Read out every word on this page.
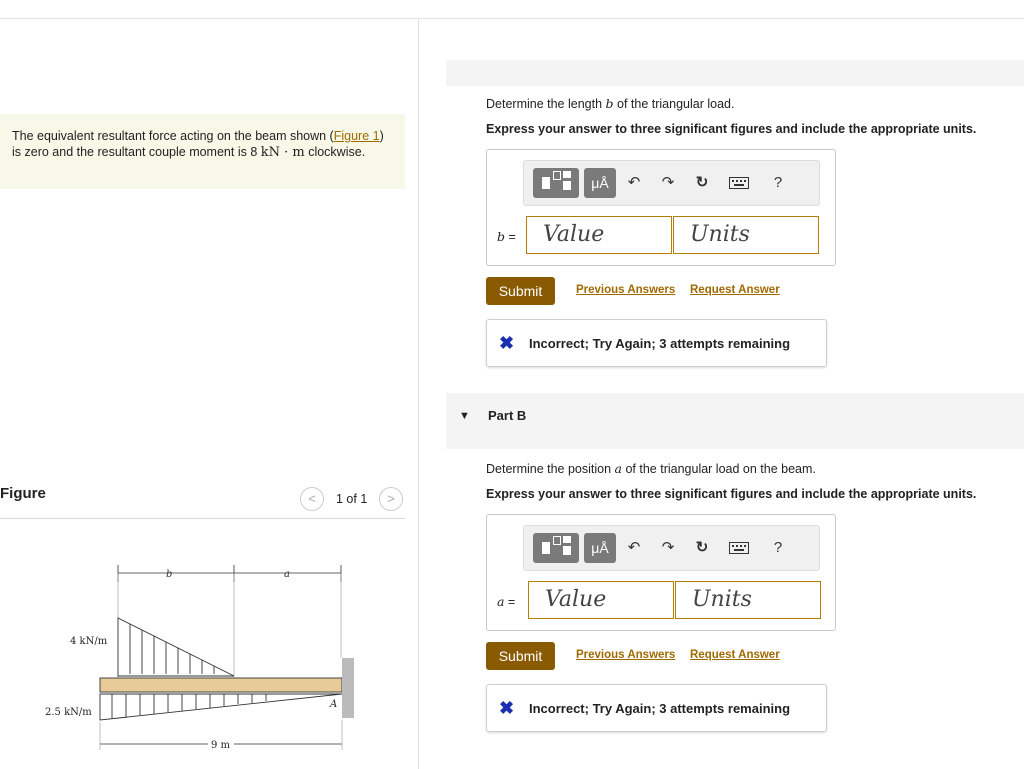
The equivalent resultant force acting on the beam shown (Figure 1) is zero and the resultant couple moment is 8 kN · m clockwise.

Figure	<	1 of 1	>
b	a
4 kN/m
2.5 kN/m
A
9 m
Determine the length b of the triangular load.
Express your answer to three significant figures and include the appropriate units.
μÅ	↶	↷	↻	?
b =	Value	Units
Submit	Previous Answers Request Answer
✖ Incorrect; Try Again; 3 attempts remaining
▼ Part B
Determine the position a of the triangular load on the beam.
Express your answer to three significant figures and include the appropriate units.
μÅ	↶	↷	↻	?
a =	Value	Units
Submit	Previous Answers Request Answer
✖ Incorrect; Try Again; 3 attempts remaining
